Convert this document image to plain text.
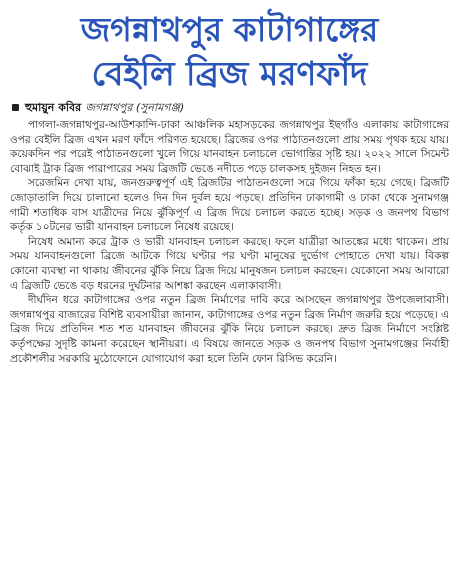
জগন্নাথপুর কাটাগাঙ্গের
বেইলি ব্রিজ মরণফাঁদ
হুমায়ুন কবির জগন্নাথপুর (সুনামগঞ্জ)

পাগলা-জগন্নাথপুর-আউশকান্দি-ঢাকা আঞ্চলিক মহাসড়কের জগন্নাথপুর ইছগাঁও এলাকায় কাটাগাঙ্গের ওপর বেইলি ব্রিজ এখন মরণ ফাঁদে পরিণত হয়েছে। ব্রিজের ওপর পাঠাতনগুলো প্রায় সময় পৃথক হয়ে যায়। কয়েকদিন পর পরেই পাঠাতনগুলো খুলে গিয়ে যানবাহন চলাচলে ভোগান্তির সৃষ্টি হয়। ২০২২ সালে সিমেন্ট বোঝাই ট্রাক ব্রিজ পারাপারের সময় ব্রিজটি ভেঙে নদীতে পড়ে চালকসহ দুইজন নিহত হন।

সরেজমিন দেখা যায়, জনগুরুত্বপূর্ণ এই ব্রিজটির পাঠাতনগুলো সরে গিয়ে ফাঁকা হয়ে গেছে। ব্রিজটি জোড়াতালি দিয়ে চালানো হলেও দিন দিন দুর্বল হয়ে পড়ছে। প্রতিদিন ঢাকাগামী ও ঢাকা থেকে সুনামগঞ্জ গামী শতাধিক বাস যাত্রীদের নিয়ে ঝুঁকিপূর্ণ এ ব্রিজ দিয়ে চলাচল করতে হচ্ছে। সড়ক ও জনপথ বিভাগ কর্তৃক ১০টনের ভারী যানবাহন চলাচলে নিষেধ রয়েছে।

নিষেধ অমান্য করে ট্রাক ও ভারী যানবাহন চলাচল করছে। ফলে যাত্রীরা আতঙ্কের মধ্যে থাকেন। প্রায় সময় যানবাহনগুলো ব্রিজে আটকে গিয়ে ঘণ্টার পর ঘণ্টা মানুষের দুর্ভোগ পোহাতে দেখা যায়। বিকল্প কোনো ব্যবস্থা না থাকায় জীবনের ঝুঁকি নিয়ে ব্রিজ দিয়ে মানুষজন চলাচল করছেন। যেকোনো সময় আবারো এ ব্রিজটি ভেঙে বড় ধরনের দুর্ঘটনার আশঙ্কা করছেন এলাকাবাসী।

দীর্ঘদিন ধরে কাটাগাঙ্গের ওপর নতুন ব্রিজ নির্মাণের দাবি করে আসছেন জগন্নাথপুর উপজেলাবাসী। জগন্নাথপুর বাজারের বিশিষ্ট ব্যবসায়ীরা জানান, কাটাগাঙ্গের ওপর নতুন ব্রিজ নির্মাণ জরুরি হয়ে পড়েছে। এ ব্রিজ দিয়ে প্রতিদিন শত শত যানবাহন জীবনের ঝুঁকি নিয়ে চলাচল করছে। দ্রুত ব্রিজ নির্মাণে সংশ্লিষ্ট কর্তৃপক্ষের সুদৃষ্টি কামনা করেছেন স্থানীয়রা। এ বিষয়ে জানতে সড়ক ও জনপথ বিভাগ সুনামগঞ্জের নির্বাহী প্রকৌশলীর সরকারি মুঠোফোনে যোগাযোগ করা হলে তিনি ফোন রিসিভ করেনি।
